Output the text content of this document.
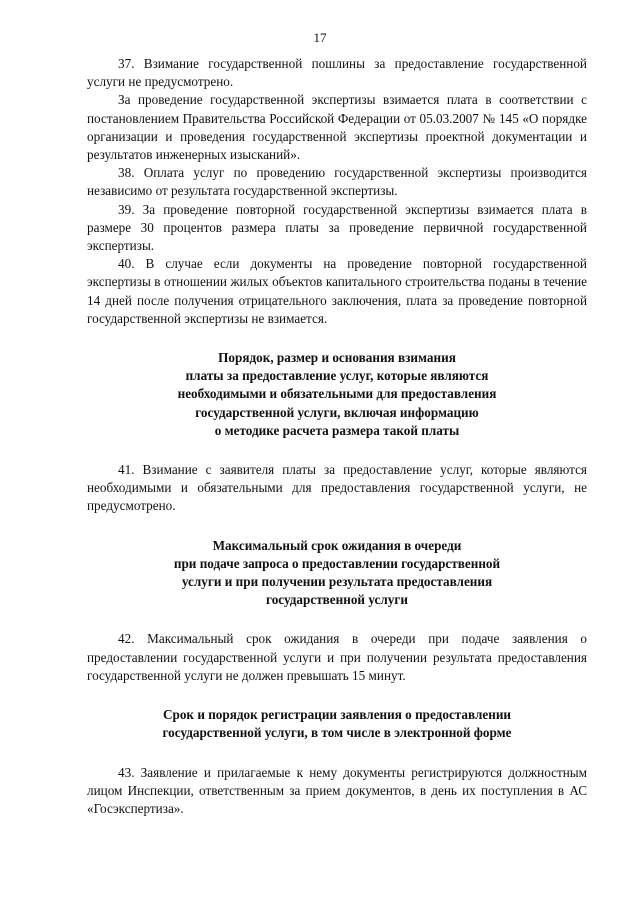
17

37. Взимание государственной пошлины за предоставление государственной услуги не предусмотрено.

За проведение государственной экспертизы взимается плата в соответствии с постановлением Правительства Российской Федерации от 05.03.2007 № 145 «О порядке организации и проведения государственной экспертизы проектной документации и результатов инженерных изысканий».

38. Оплата услуг по проведению государственной экспертизы производится независимо от результата государственной экспертизы.

39. За проведение повторной государственной экспертизы взимается плата в размере 30 процентов размера платы за проведение первичной государственной экспертизы.

40. В случае если документы на проведение повторной государственной экспертизы в отношении жилых объектов капитального строительства поданы в течение 14 дней после получения отрицательного заключения, плата за проведение повторной государственной экспертизы не взимается.

Порядок, размер и основания взимания
платы за предоставление услуг, которые являются
необходимыми и обязательными для предоставления
государственной услуги, включая информацию
о методике расчета размера такой платы

41. Взимание с заявителя платы за предоставление услуг, которые являются необходимыми и обязательными для предоставления государственной услуги, не предусмотрено.

Максимальный срок ожидания в очереди
при подаче запроса о предоставлении государственной
услуги и при получении результата предоставления
государственной услуги

42. Максимальный срок ожидания в очереди при подаче заявления о предоставлении государственной услуги и при получении результата предоставления государственной услуги не должен превышать 15 минут.

Срок и порядок регистрации заявления о предоставлении
государственной услуги, в том числе в электронной форме

43. Заявление и прилагаемые к нему документы регистрируются должностным лицом Инспекции, ответственным за прием документов, в день их поступления в АС «Госэкспертиза».
